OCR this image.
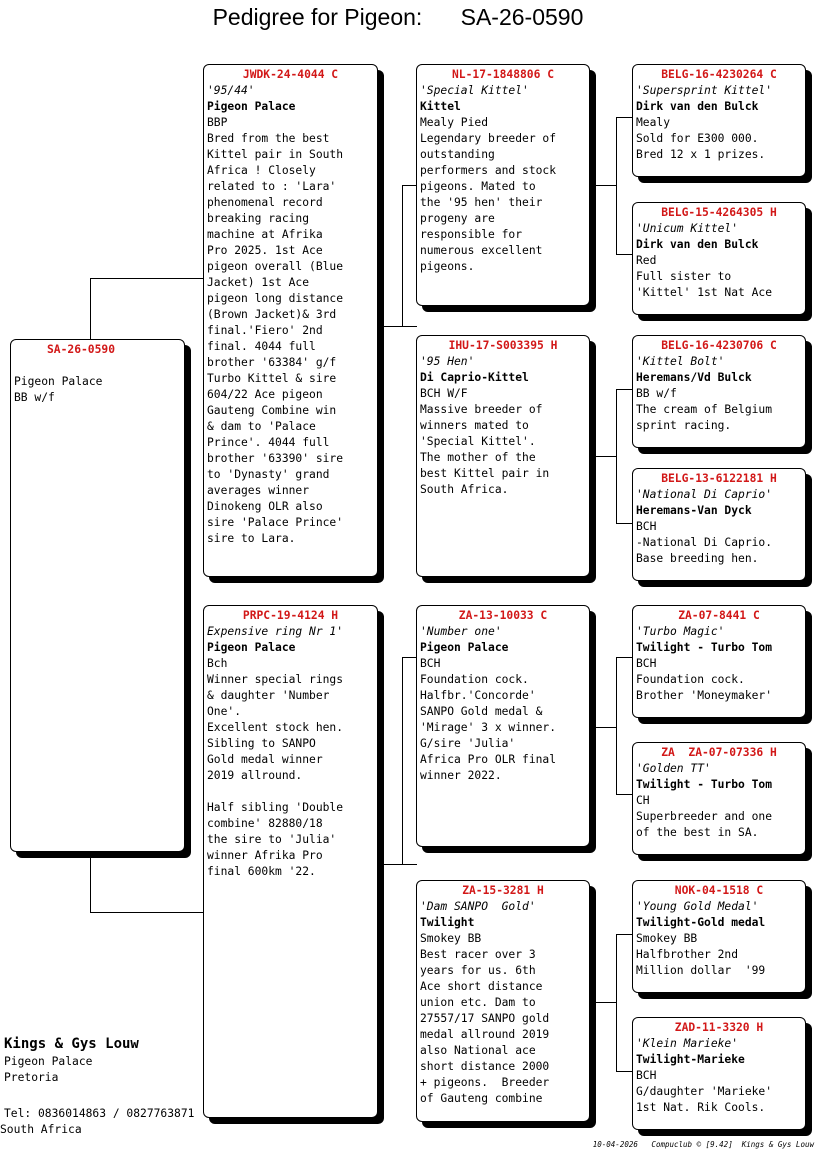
Pedigree for Pigeon:      SA-26-0590
SA-26-0590
Pigeon Palace
BB w/f
JWDK-24-4044 C
'95/44'
Pigeon Palace
BBP
Bred from the best
Kittel pair in South
Africa ! Closely
related to : 'Lara'
phenomenal record
breaking racing
machine at Afrika
Pro 2025. 1st Ace
pigeon overall (Blue
Jacket) 1st Ace
pigeon long distance
(Brown Jacket)& 3rd
final.'Fiero' 2nd
final. 4044 full
brother '63384' g/f
Turbo Kittel & sire
604/22 Ace pigeon
Gauteng Combine win
& dam to 'Palace
Prince'. 4044 full
brother '63390' sire
to 'Dynasty' grand
averages winner
Dinokeng OLR also
sire 'Palace Prince'
sire to Lara.
PRPC-19-4124 H
Expensive ring Nr 1'
Pigeon Palace
Bch
Winner special rings
& daughter 'Number
One'.
Excellent stock hen.
Sibling to SANPO
Gold medal winner
2019 allround.

Half sibling 'Double
combine' 82880/18
the sire to 'Julia'
winner Afrika Pro
final 600km '22.
NL-17-1848806 C
'Special Kittel'
Kittel
Mealy Pied
Legendary breeder of
outstanding
performers and stock
pigeons. Mated to
the '95 hen' their
progeny are
responsible for
numerous excellent
pigeons.
IHU-17-S003395 H
'95 Hen'
Di Caprio-Kittel
BCH W/F
Massive breeder of
winners mated to
'Special Kittel'.
The mother of the
best Kittel pair in
South Africa.
ZA-13-10033 C
'Number one'
Pigeon Palace
BCH
Foundation cock.
Halfbr.'Concorde'
SANPO Gold medal &
'Mirage' 3 x winner.
G/sire 'Julia'
Africa Pro OLR final
winner 2022.
ZA-15-3281 H
'Dam SANPO  Gold'
Twilight
Smokey BB
Best racer over 3
years for us. 6th
Ace short distance
union etc. Dam to
27557/17 SANPO gold
medal allround 2019
also National ace
short distance 2000
+ pigeons.  Breeder
of Gauteng combine
BELG-16-4230264 C
'Supersprint Kittel'
Dirk van den Bulck
Mealy
Sold for E300 000.
Bred 12 x 1 prizes.
BELG-15-4264305 H
'Unicum Kittel'
Dirk van den Bulck
Red
Full sister to
'Kittel' 1st Nat Ace
BELG-16-4230706 C
'Kittel Bolt'
Heremans/Vd Bulck
BB w/f
The cream of Belgium
sprint racing.
BELG-13-6122181 H
'National Di Caprio'
Heremans-Van Dyck
BCH
-National Di Caprio.
Base breeding hen.
ZA-07-8441 C
'Turbo Magic'
Twilight - Turbo Tom
BCH
Foundation cock.
Brother 'Moneymaker'
ZA  ZA-07-07336 H
'Golden TT'
Twilight - Turbo Tom
CH
Superbreeder and one
of the best in SA.
NOK-04-1518 C
'Young Gold Medal'
Twilight-Gold medal
Smokey BB
Halfbrother 2nd
Million dollar  '99
ZAD-11-3320 H
'Klein Marieke'
Twilight-Marieke
BCH
G/daughter 'Marieke'
1st Nat. Rik Cools.
Kings & Gys Louw
Pigeon Palace
Pretoria
Tel: 0836014863 / 0827763871
South Africa
10-04-2026   Compuclub © [9.42]  Kings & Gys Louw
